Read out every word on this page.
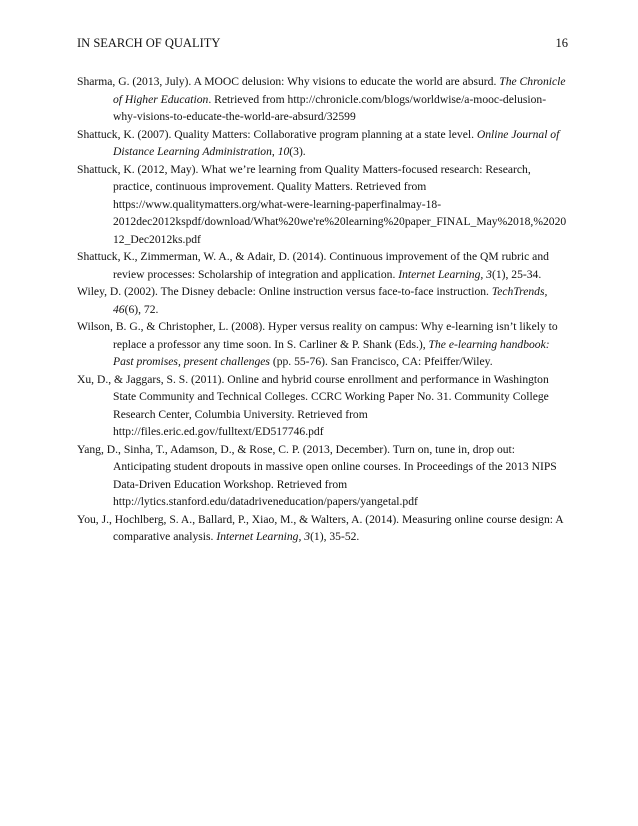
IN SEARCH OF QUALITY	16

Sharma, G. (2013, July). A MOOC delusion: Why visions to educate the world are absurd. The Chronicle of Higher Education. Retrieved from http://chronicle.com/blogs/worldwise/a-mooc-delusion-why-visions-to-educate-the-world-are-absurd/32599

Shattuck, K. (2007). Quality Matters: Collaborative program planning at a state level. Online Journal of Distance Learning Administration, 10(3).

Shattuck, K. (2012, May). What we’re learning from Quality Matters-focused research: Research, practice, continuous improvement. Quality Matters. Retrieved from https://www.qualitymatters.org/what-were-learning-paperfinalmay-18-2012dec2012kspdf/download/What%20we're%20learning%20paper_FINAL_May%2018,%2020 12_Dec2012ks.pdf

Shattuck, K., Zimmerman, W. A., & Adair, D. (2014). Continuous improvement of the QM rubric and review processes: Scholarship of integration and application. Internet Learning, 3(1), 25-34.

Wiley, D. (2002). The Disney debacle: Online instruction versus face-to-face instruction. TechTrends, 46(6), 72.

Wilson, B. G., & Christopher, L. (2008). Hyper versus reality on campus: Why e-learning isn’t likely to replace a professor any time soon. In S. Carliner & P. Shank (Eds.), The e-learning handbook: Past promises, present challenges (pp. 55-76). San Francisco, CA: Pfeiffer/Wiley.

Xu, D., & Jaggars, S. S. (2011). Online and hybrid course enrollment and performance in Washington State Community and Technical Colleges. CCRC Working Paper No. 31. Community College Research Center, Columbia University. Retrieved from http://files.eric.ed.gov/fulltext/ED517746.pdf

Yang, D., Sinha, T., Adamson, D., & Rose, C. P. (2013, December). Turn on, tune in, drop out: Anticipating student dropouts in massive open online courses. In Proceedings of the 2013 NIPS Data-Driven Education Workshop. Retrieved from http://lytics.stanford.edu/datadriveneducation/papers/yangetal.pdf

You, J., Hochlberg, S. A., Ballard, P., Xiao, M., & Walters, A. (2014). Measuring online course design: A comparative analysis. Internet Learning, 3(1), 35-52.
